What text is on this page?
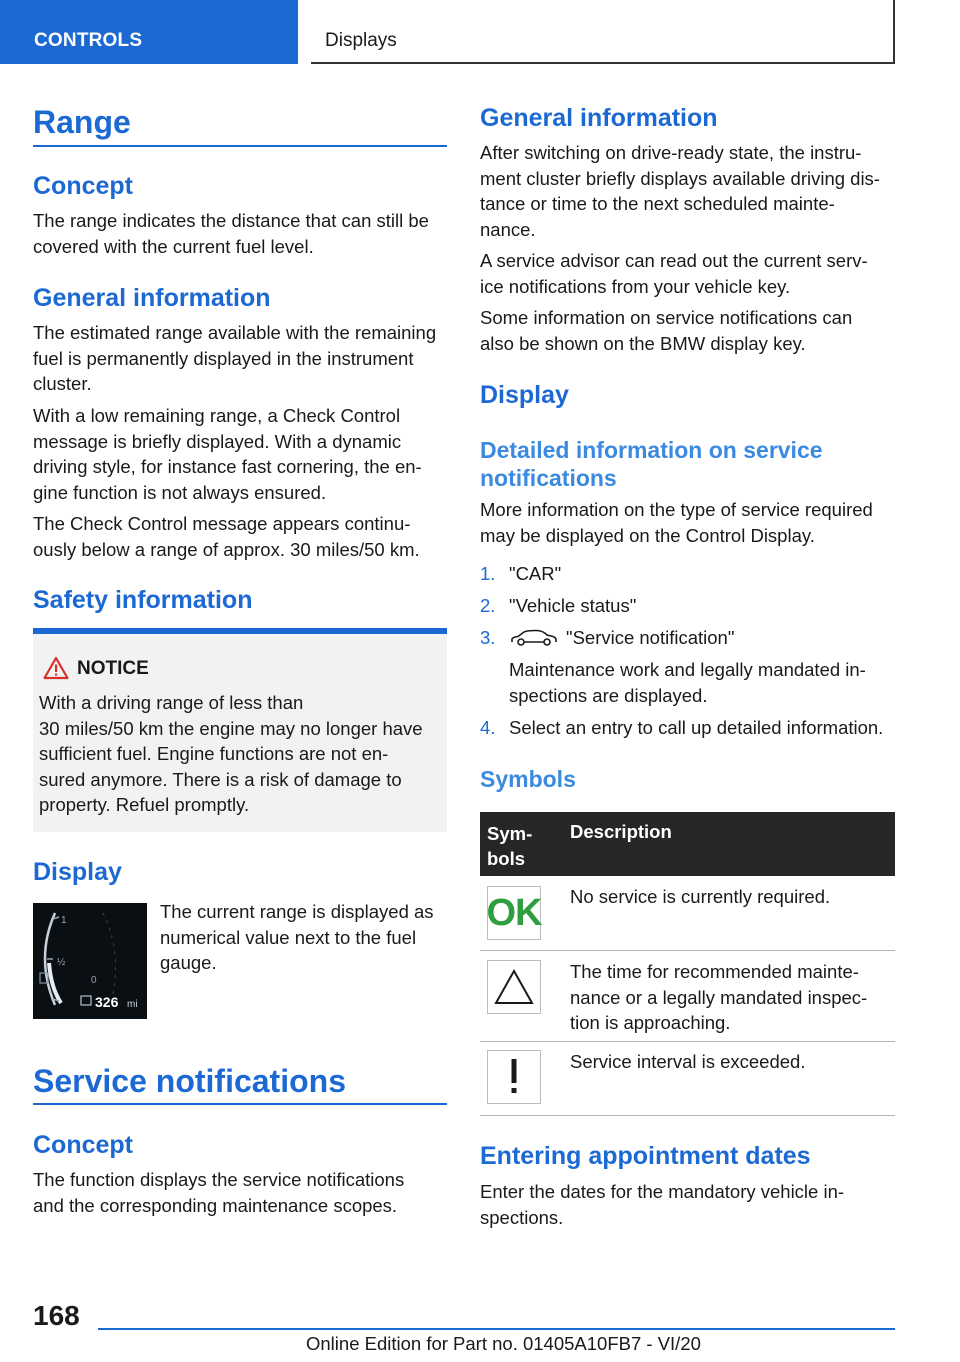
CONTROLS	Displays
Range
Concept
The range indicates the distance that can still be
covered with the current fuel level.
General information
The estimated range available with the remaining
fuel is permanently displayed in the instrument
cluster.
With a low remaining range, a Check Control
message is briefly displayed. With a dynamic
driving style, for instance fast cornering, the en-
gine function is not always ensured.
The Check Control message appears continu-
ously below a range of approx. 30 miles/50 km.
Safety information
NOTICE
With a driving range of less than
30 miles/50 km the engine may no longer have
sufficient fuel. Engine functions are not en-
sured anymore. There is a risk of damage to
property. Refuel promptly.
Display
1
½
0
326 mi
The current range is displayed as
numerical value next to the fuel
gauge.
Service notifications
Concept
The function displays the service notifications
and the corresponding maintenance scopes.
General information
After switching on drive-ready state, the instru-
ment cluster briefly displays available driving dis-
tance or time to the next scheduled mainte-
nance.
A service advisor can read out the current serv-
ice notifications from your vehicle key.
Some information on service notifications can
also be shown on the BMW display key.
Display
Detailed information on service
notifications
More information on the type of service required
may be displayed on the Control Display.
1. "CAR"
2. "Vehicle status"
3.	"Service notification"
Maintenance work and legally mandated in-
spections are displayed.
4. Select an entry to call up detailed information.
Symbols
Sym-
bols
Description
OK No service is currently required.
The time for recommended mainte-
nance or a legally mandated inspec-
tion is approaching.
Service interval is exceeded.
Entering appointment dates
Enter the dates for the mandatory vehicle in-
spections.
168
Online Edition for Part no. 01405A10FB7 - VI/20
